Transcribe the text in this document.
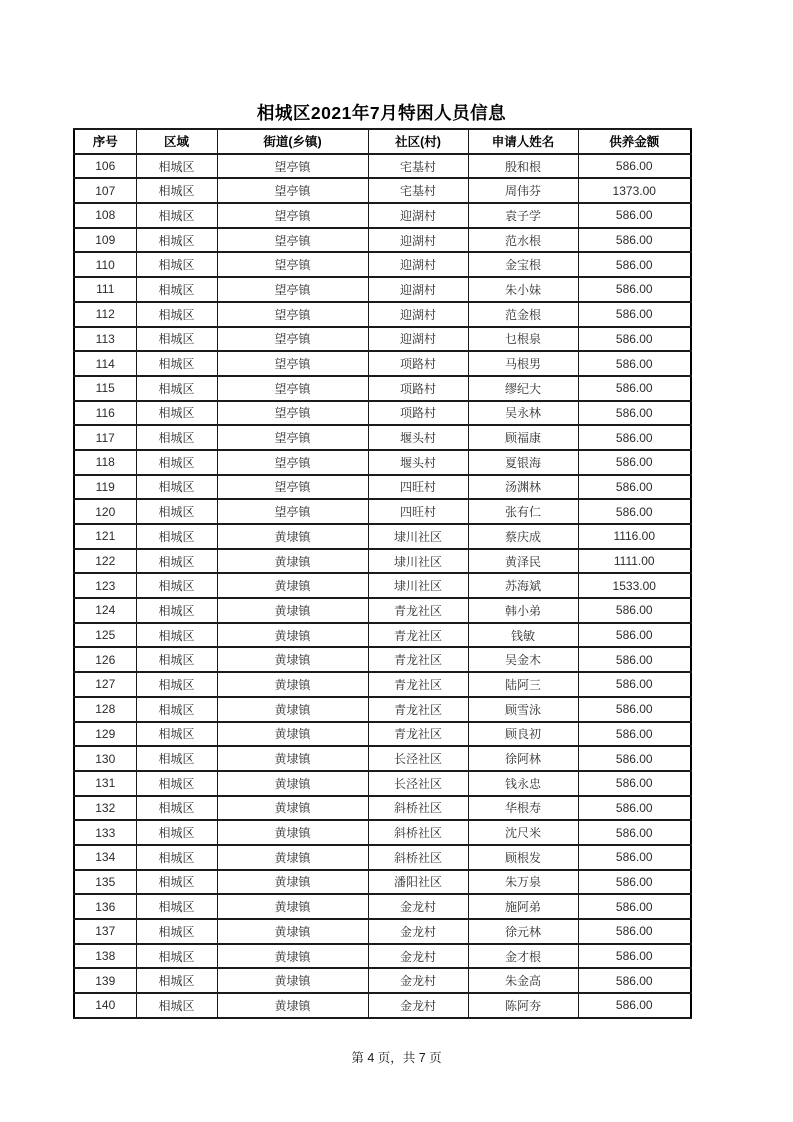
相城区2021年7月特困人员信息
序号	区域	街道(乡镇)	社区(村)	申请人姓名	供养金额
106	相城区	望亭镇	宅基村	殷和根	586.00
107	相城区	望亭镇	宅基村	周伟芬	1373.00
108	相城区	望亭镇	迎湖村	袁子学	586.00
109	相城区	望亭镇	迎湖村	范水根	586.00
110	相城区	望亭镇	迎湖村	金宝根	586.00
111	相城区	望亭镇	迎湖村	朱小妹	586.00
112	相城区	望亭镇	迎湖村	范金根	586.00
113	相城区	望亭镇	迎湖村	乜根泉	586.00
114	相城区	望亭镇	项路村	马根男	586.00
115	相城区	望亭镇	项路村	缪纪大	586.00
116	相城区	望亭镇	项路村	吴永林	586.00
117	相城区	望亭镇	堰头村	顾福康	586.00
118	相城区	望亭镇	堰头村	夏银海	586.00
119	相城区	望亭镇	四旺村	汤渊林	586.00
120	相城区	望亭镇	四旺村	张有仁	586.00
121	相城区	黄埭镇	埭川社区	蔡庆成	1116.00
122	相城区	黄埭镇	埭川社区	黄泽民	1111.00
123	相城区	黄埭镇	埭川社区	苏海斌	1533.00
124	相城区	黄埭镇	青龙社区	韩小弟	586.00
125	相城区	黄埭镇	青龙社区	钱敏	586.00
126	相城区	黄埭镇	青龙社区	吴金木	586.00
127	相城区	黄埭镇	青龙社区	陆阿三	586.00
128	相城区	黄埭镇	青龙社区	顾雪泳	586.00
129	相城区	黄埭镇	青龙社区	顾良初	586.00
130	相城区	黄埭镇	长泾社区	徐阿林	586.00
131	相城区	黄埭镇	长泾社区	钱永忠	586.00
132	相城区	黄埭镇	斜桥社区	华根寿	586.00
133	相城区	黄埭镇	斜桥社区	沈尺米	586.00
134	相城区	黄埭镇	斜桥社区	顾根发	586.00
135	相城区	黄埭镇	潘阳社区	朱万泉	586.00
136	相城区	黄埭镇	金龙村	施阿弟	586.00
137	相城区	黄埭镇	金龙村	徐元林	586.00
138	相城区	黄埭镇	金龙村	金才根	586.00
139	相城区	黄埭镇	金龙村	朱金高	586.00
140	相城区	黄埭镇	金龙村	陈阿夯	586.00
第 4 页，共 7 页
